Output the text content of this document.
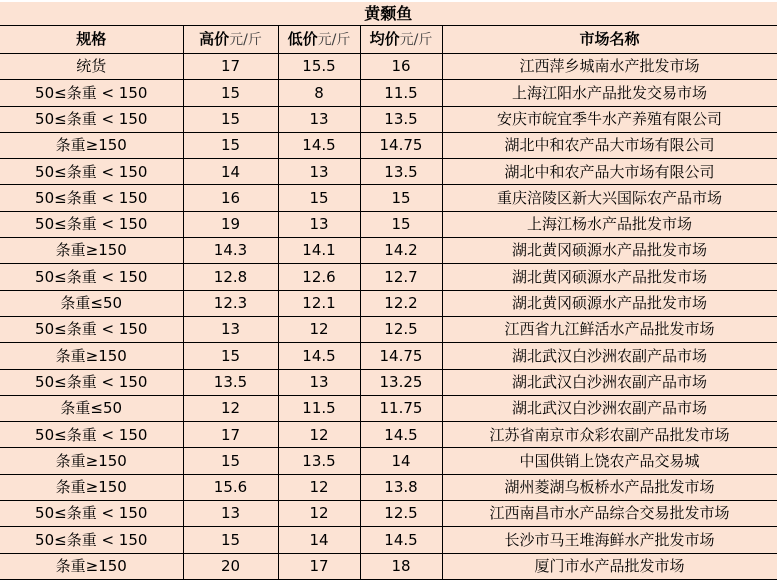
黄颡鱼				
规格	高价元/斤	低价元/斤	均价元/斤	市场名称
统货	17	15.5	16	江西萍乡城南水产批发市场
50≤条重 < 150	15	8	11.5	上海江阳水产品批发交易市场
50≤条重 < 150	15	13	13.5	安庆市皖宜季牛水产养殖有限公司
条重≥150	15	14.5	14.75	湖北中和农产品大市场有限公司
50≤条重 < 150	14	13	13.5	湖北中和农产品大市场有限公司
50≤条重 < 150	16	15	15	重庆涪陵区新大兴国际农产品市场
50≤条重 < 150	19	13	15	上海江杨水产品批发市场
条重≥150	14.3	14.1	14.2	湖北黄冈硕源水产品批发市场
50≤条重 < 150	12.8	12.6	12.7	湖北黄冈硕源水产品批发市场
条重≤50	12.3	12.1	12.2	湖北黄冈硕源水产品批发市场
50≤条重 < 150	13	12	12.5	江西省九江鲜活水产品批发市场
条重≥150	15	14.5	14.75	湖北武汉白沙洲农副产品市场
50≤条重 < 150	13.5	13	13.25	湖北武汉白沙洲农副产品市场
条重≤50	12	11.5	11.75	湖北武汉白沙洲农副产品市场
50≤条重 < 150	17	12	14.5	江苏省南京市众彩农副产品批发市场
条重≥150	15	13.5	14	中国供销上饶农产品交易城
条重≥150	15.6	12	13.8	湖州菱湖乌板桥水产品批发市场
50≤条重 < 150	13	12	12.5	江西南昌市水产品综合交易批发市场
50≤条重 < 150	15	14	14.5	长沙市马王堆海鲜水产批发市场
条重≥150	20	17	18	厦门市水产品批发市场
